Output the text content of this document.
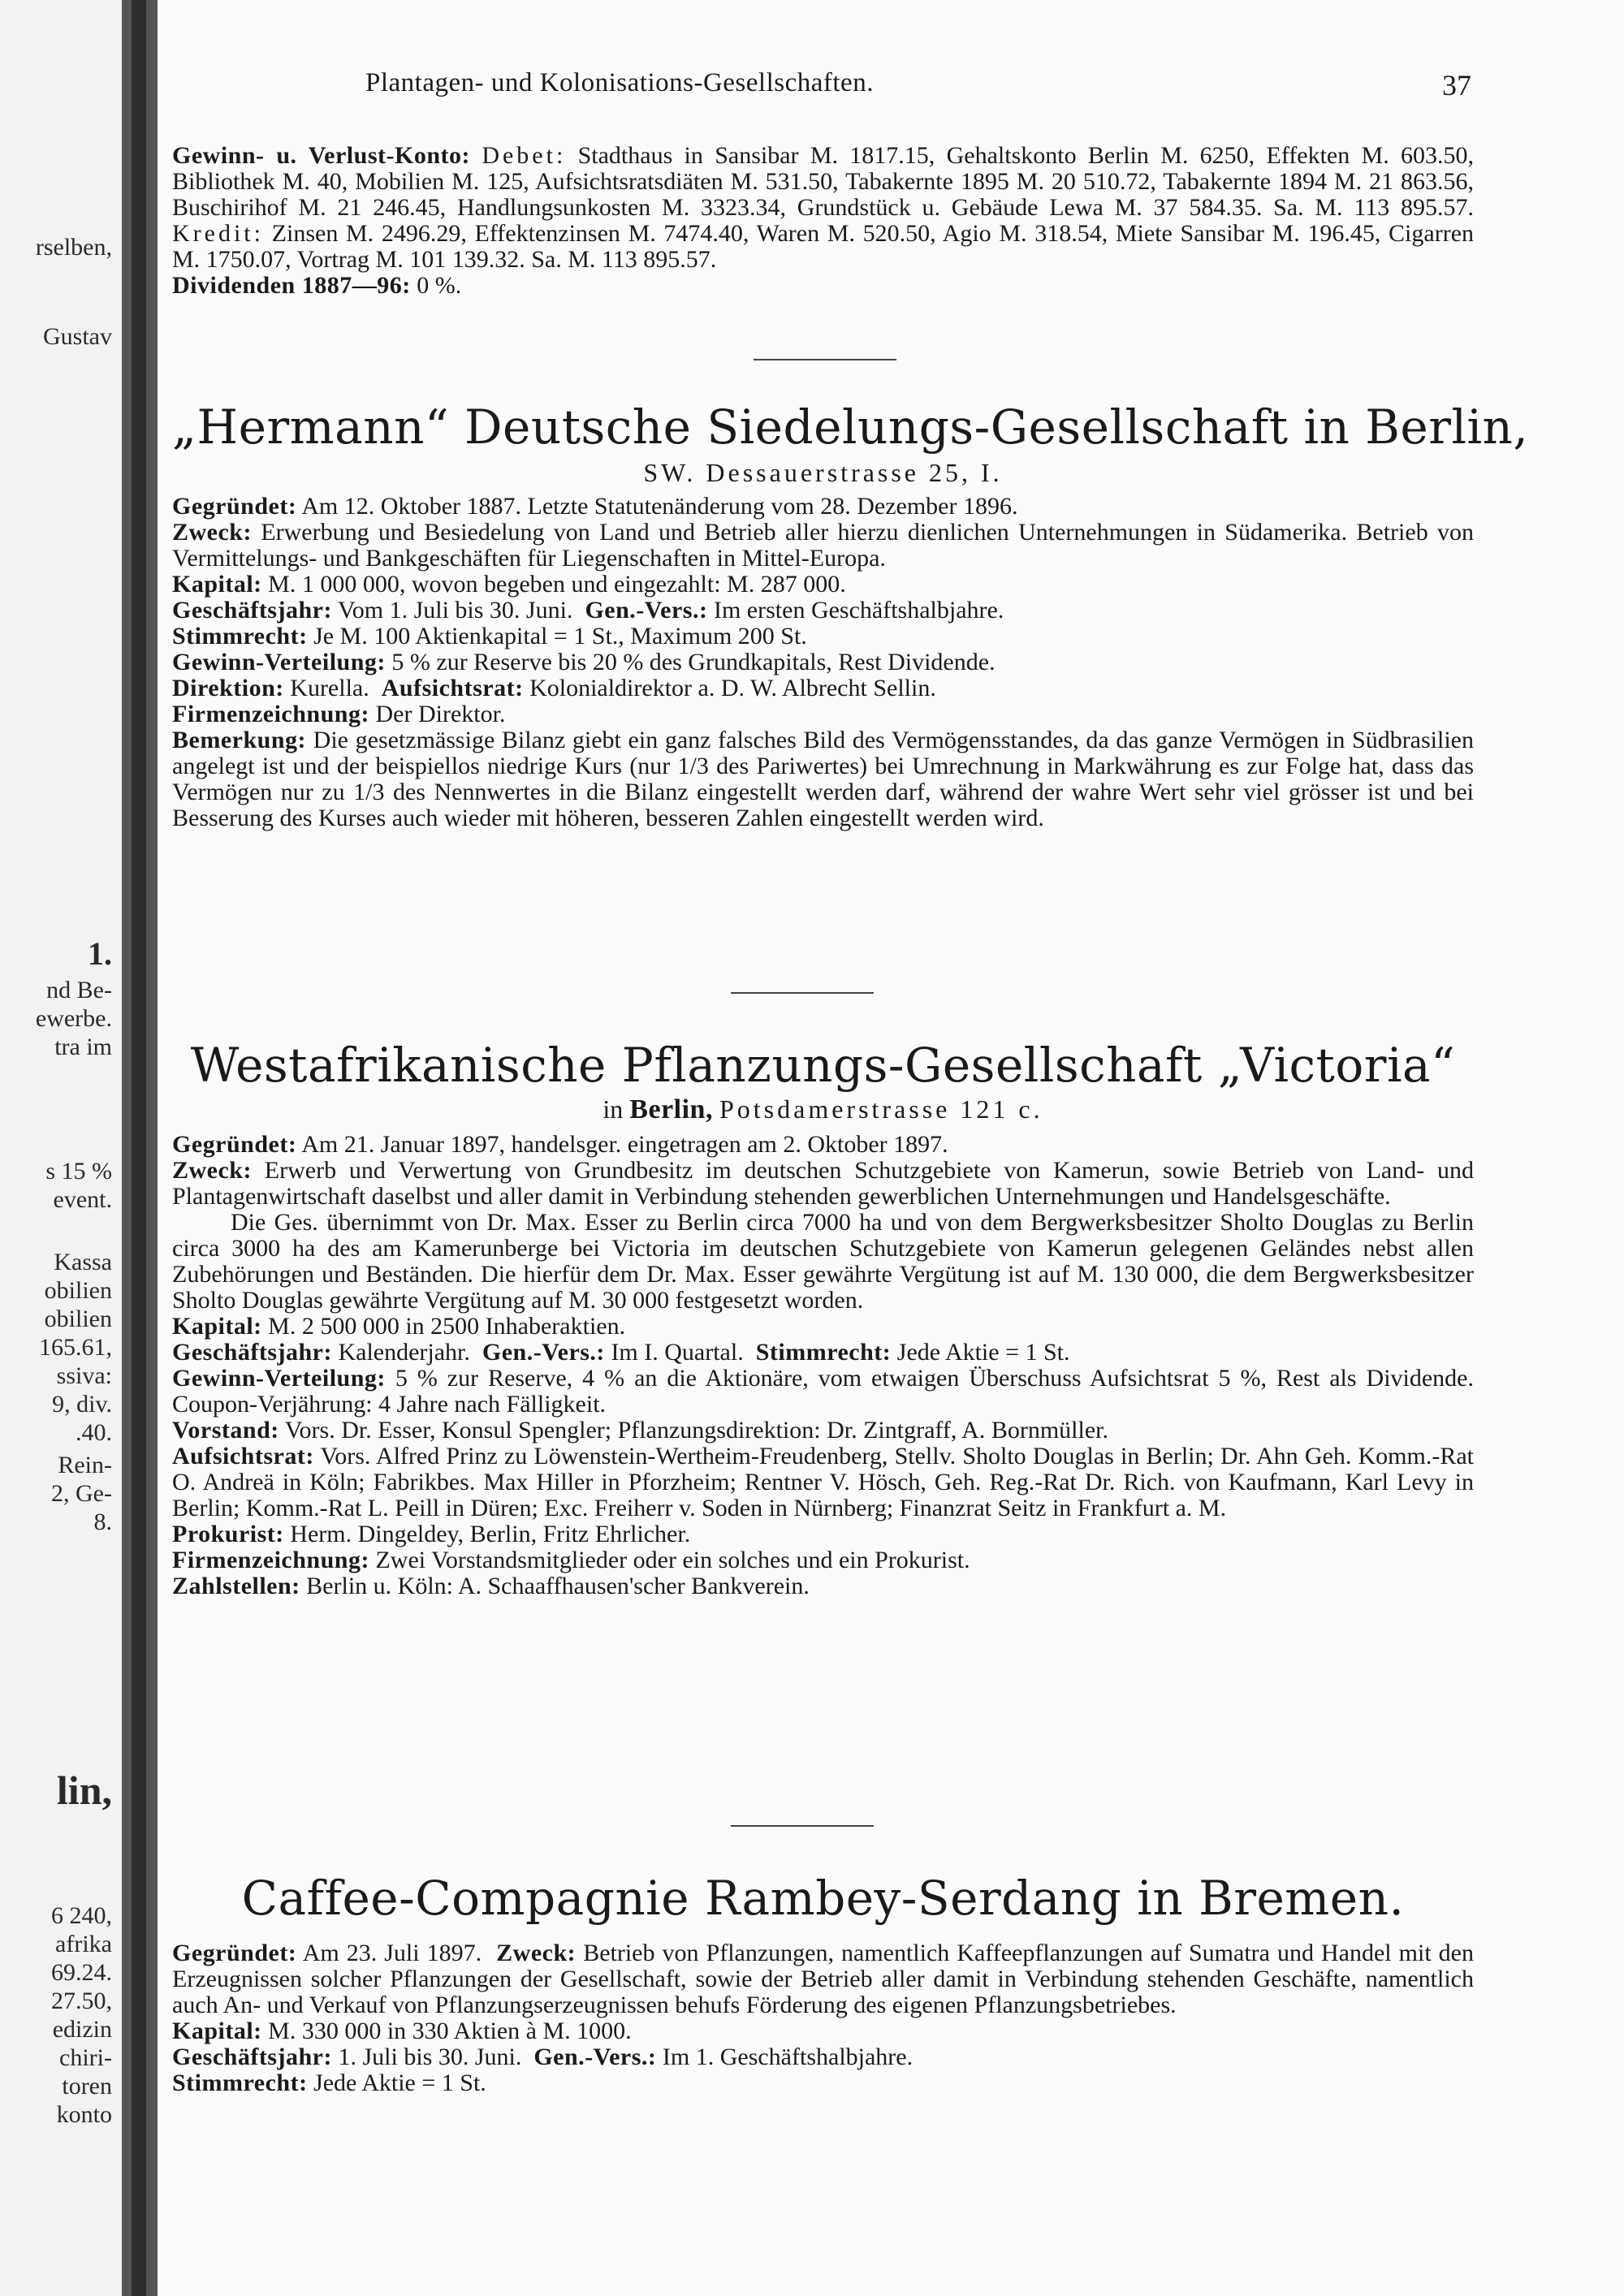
rselben,
Gustav
1.
nd Be-
ewerbe.
tra im
s 15 %
event.
Kassa
obilien
obilien
165.61,
ssiva:
9, div.
.40.
Rein-
2, Ge-
8.
lin,
6 240,
afrika
69.24.
27.50,
edizin
chiri-
toren
konto
Plantagen- und Kolonisations-Gesellschaften.	37

Gewinn- u. Verlust-Konto: Debet: Stadthaus in Sansibar M. 1817.15, Gehaltskonto Berlin M. 6250, Effekten M. 603.50, Bibliothek M. 40, Mobilien M. 125, Aufsichtsratsdiäten M. 531.50, Tabakernte 1895 M. 20 510.72, Tabakernte 1894 M. 21 863.56, Buschirihof M. 21 246.45, Handlungsunkosten M. 3323.34, Grundstück u. Gebäude Lewa M. 37 584.35. Sa. M. 113 895.57. Kredit: Zinsen M. 2496.29, Effektenzinsen M. 7474.40, Waren M. 520.50, Agio M. 318.54, Miete Sansibar M. 196.45, Cigarren M. 1750.07, Vortrag M. 101 139.32. Sa. M. 113 895.57.

Dividenden 1887—96: 0 %.

„Hermann“ Deutsche Siedelungs-Gesellschaft in Berlin,
SW. Dessauerstrasse 25, I.

Gegründet: Am 12. Oktober 1887. Letzte Statutenänderung vom 28. Dezember 1896.

Zweck: Erwerbung und Besiedelung von Land und Betrieb aller hierzu dienlichen Unternehmungen in Südamerika. Betrieb von Vermittelungs- und Bankgeschäften für Liegenschaften in Mittel-Europa.

Kapital: M. 1 000 000, wovon begeben und eingezahlt: M. 287 000.

Geschäftsjahr: Vom 1. Juli bis 30. Juni. Gen.-Vers.: Im ersten Geschäftshalbjahre.

Stimmrecht: Je M. 100 Aktienkapital = 1 St., Maximum 200 St.

Gewinn-Verteilung: 5 % zur Reserve bis 20 % des Grundkapitals, Rest Dividende.

Direktion: Kurella. Aufsichtsrat: Kolonialdirektor a. D. W. Albrecht Sellin.

Firmenzeichnung: Der Direktor.

Bemerkung: Die gesetzmässige Bilanz giebt ein ganz falsches Bild des Vermögensstandes, da das ganze Vermögen in Südbrasilien angelegt ist und der beispiellos niedrige Kurs (nur 1/3 des Pariwertes) bei Umrechnung in Markwährung es zur Folge hat, dass das Vermögen nur zu 1/3 des Nennwertes in die Bilanz eingestellt werden darf, während der wahre Wert sehr viel grösser ist und bei Besserung des Kurses auch wieder mit höheren, besseren Zahlen eingestellt werden wird.

Westafrikanische Pflanzungs-Gesellschaft „Victoria“
in Berlin, Potsdamerstrasse 121 c.

Gegründet: Am 21. Januar 1897, handelsger. eingetragen am 2. Oktober 1897.

Zweck: Erwerb und Verwertung von Grundbesitz im deutschen Schutzgebiete von Kamerun, sowie Betrieb von Land- und Plantagenwirtschaft daselbst und aller damit in Verbindung stehenden gewerblichen Unternehmungen und Handelsgeschäfte.

Die Ges. übernimmt von Dr. Max. Esser zu Berlin circa 7000 ha und von dem Bergwerksbesitzer Sholto Douglas zu Berlin circa 3000 ha des am Kamerunberge bei Victoria im deutschen Schutzgebiete von Kamerun gelegenen Geländes nebst allen Zubehörungen und Beständen. Die hierfür dem Dr. Max. Esser gewährte Vergütung ist auf M. 130 000, die dem Bergwerksbesitzer Sholto Douglas gewährte Vergütung auf M. 30 000 festgesetzt worden.

Kapital: M. 2 500 000 in 2500 Inhaberaktien.

Geschäftsjahr: Kalenderjahr. Gen.-Vers.: Im I. Quartal. Stimmrecht: Jede Aktie = 1 St.

Gewinn-Verteilung: 5 % zur Reserve, 4 % an die Aktionäre, vom etwaigen Überschuss Aufsichtsrat 5 %, Rest als Dividende. Coupon-Verjährung: 4 Jahre nach Fälligkeit.

Vorstand: Vors. Dr. Esser, Konsul Spengler; Pflanzungsdirektion: Dr. Zintgraff, A. Bornmüller.

Aufsichtsrat: Vors. Alfred Prinz zu Löwenstein-Wertheim-Freudenberg, Stellv. Sholto Douglas in Berlin; Dr. Ahn Geh. Komm.-Rat O. Andreä in Köln; Fabrikbes. Max Hiller in Pforzheim; Rentner V. Hösch, Geh. Reg.-Rat Dr. Rich. von Kaufmann, Karl Levy in Berlin; Komm.-Rat L. Peill in Düren; Exc. Freiherr v. Soden in Nürnberg; Finanzrat Seitz in Frankfurt a. M.

Prokurist: Herm. Dingeldey, Berlin, Fritz Ehrlicher.

Firmenzeichnung: Zwei Vorstandsmitglieder oder ein solches und ein Prokurist.

Zahlstellen: Berlin u. Köln: A. Schaaffhausen'scher Bankverein.

Caffee-Compagnie Rambey-Serdang in Bremen.

Gegründet: Am 23. Juli 1897. Zweck: Betrieb von Pflanzungen, namentlich Kaffeepflanzungen auf Sumatra und Handel mit den Erzeugnissen solcher Pflanzungen der Gesellschaft, sowie der Betrieb aller damit in Verbindung stehenden Geschäfte, namentlich auch An- und Verkauf von Pflanzungserzeugnissen behufs Förderung des eigenen Pflanzungsbetriebes.

Kapital: M. 330 000 in 330 Aktien à M. 1000.

Geschäftsjahr: 1. Juli bis 30. Juni. Gen.-Vers.: Im 1. Geschäftshalbjahre.

Stimmrecht: Jede Aktie = 1 St.
